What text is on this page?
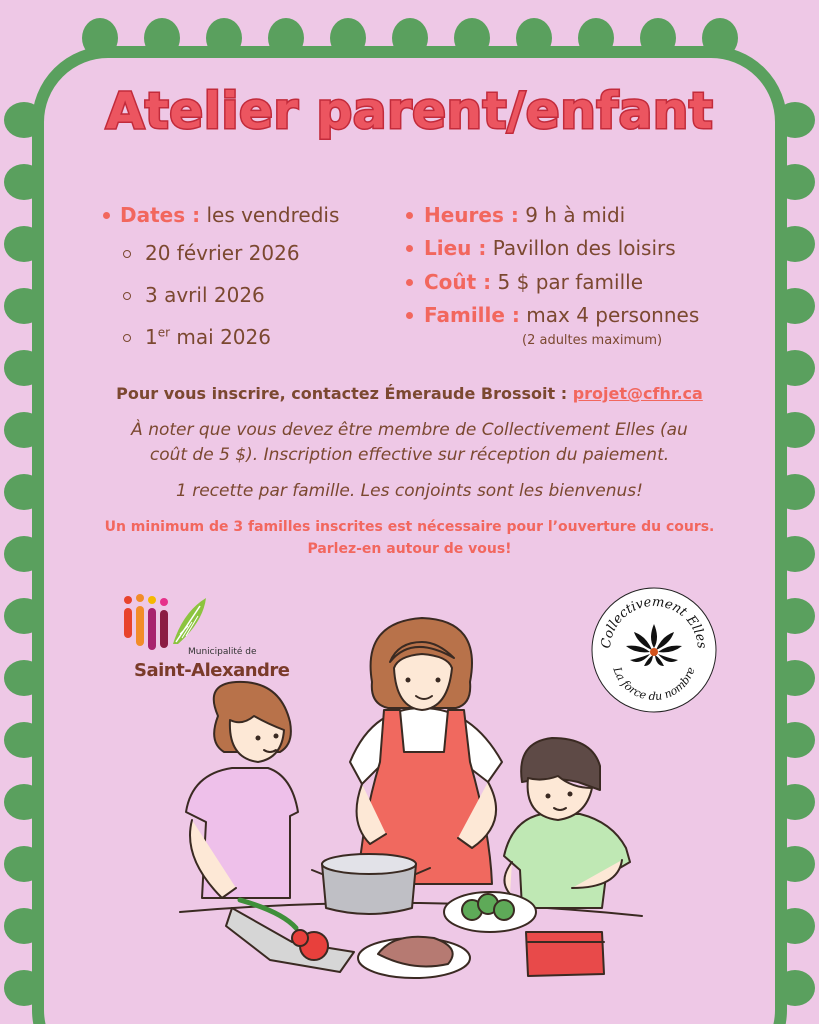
Atelier parent/enfant
Dates : les vendredis
20 février 2026
3 avril 2026
1er mai 2026
Heures : 9 h à midi
Lieu : Pavillon des loisirs
Coût : 5 $ par famille
Famille : max 4 personnes
(2 adultes maximum)
Pour vous inscrire, contactez Émeraude Brossoit : projet@cfhr.ca
À noter que vous devez être membre de Collectivement Elles (au
coût de 5 $). Inscription effective sur réception du paiement.
1 recette par famille. Les conjoints sont les bienvenus!
Un minimum de 3 familles inscrites est nécessaire pour l’ouverture du cours.
Parlez-en autour de vous!
Municipalité de
Saint-Alexandre
Collectivement Elles
La force du nombre
